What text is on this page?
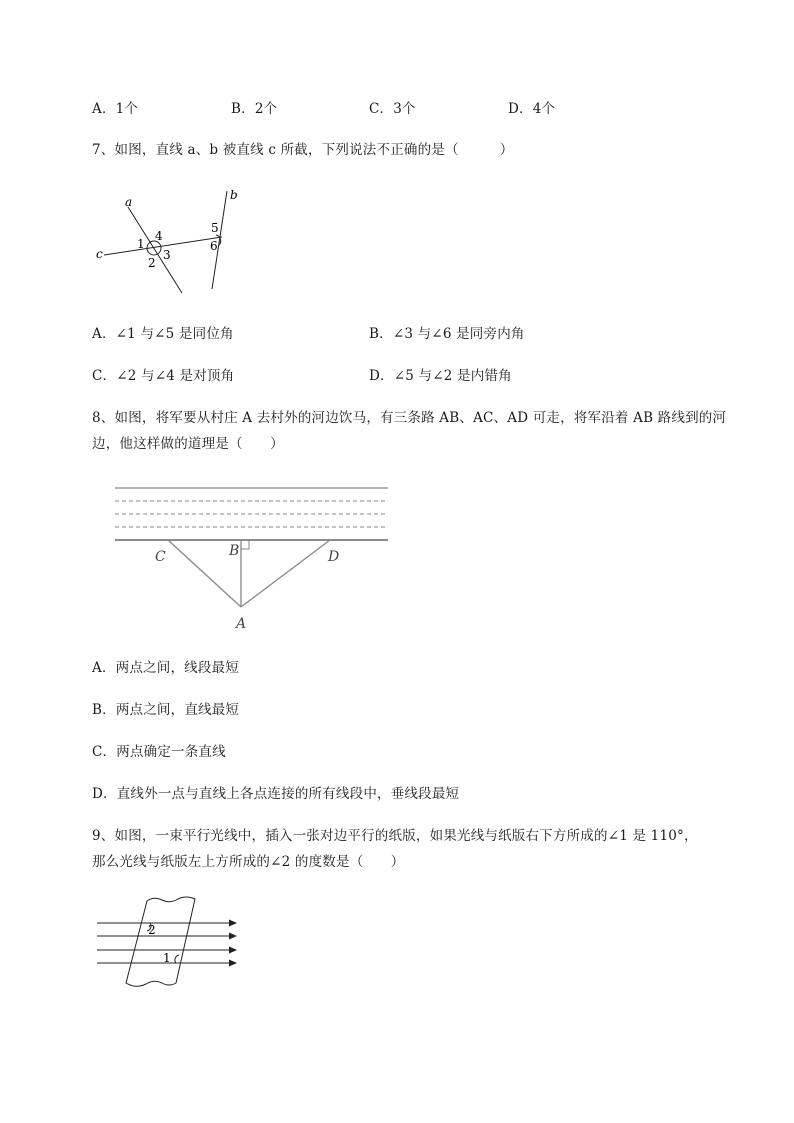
A．1个	B．2个	C．3个	D．4个
7、如图，直线 a、b 被直线 c 所截，下列说法不正确的是（　　　）
a	b
c
1
4
2
3
5
6
A．∠1 与∠5 是同位角	B．∠3 与∠6 是同旁内角
C．∠2 与∠4 是对顶角	D．∠5 与∠2 是内错角
8、如图，将军要从村庄 A 去村外的河边饮马，有三条路 AB、AC、AD 可走，将军沿着 AB 路线到的河
边，他这样做的道理是（　　）
C	B	D
A
A．两点之间，线段最短
B．两点之间，直线最短
C．两点确定一条直线
D．直线外一点与直线上各点连接的所有线段中，垂线段最短
9、如图，一束平行光线中，插入一张对边平行的纸版，如果光线与纸版右下方所成的∠1 是 110°，
那么光线与纸版左上方所成的∠2 的度数是（　　）
2
1
